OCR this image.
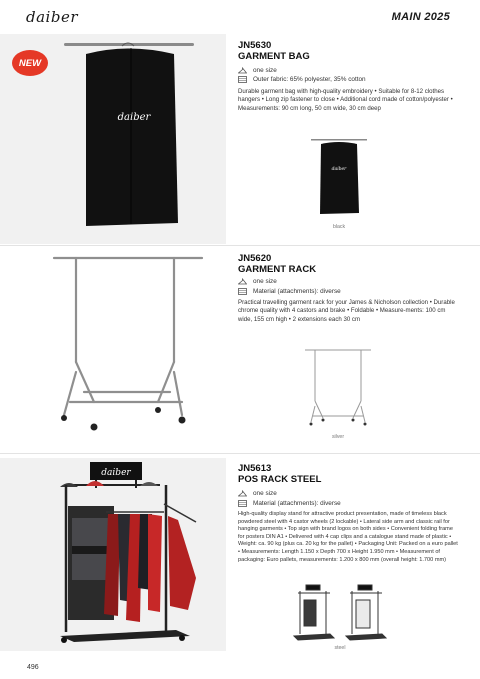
daiber	MAIN 2025
NEW
daiber
JN5630
GARMENT BAG
one size
Outer fabric: 65% polyester, 35% cotton
Durable garment bag with high-quality embroidery • Suitable for 8-12 clothes hangers • Long zip fastener to close • Additional cord made of cotton/polyester • Measurements: 90 cm long, 50 cm wide, 30 cm deep
daiber
black
JN5620
GARMENT RACK
one size
Material (attachments): diverse
Practical travelling garment rack for your James & Nicholson collection • Durable chrome quality with 4 castors and brake • Foldable • Measure-ments: 100 cm wide, 155 cm high • 2 extensions each 30 cm
silver
daiber	JN5613
POS RACK STEEL
one size
Material (attachments): diverse
High-quality display stand for attractive product presentation, made of timeless black powdered steel with 4 castor wheels (2 lockable) • Lateral side arm and classic rail for hanging garments • Top sign with brand logos on both sides • Convenient folding frame for posters DIN A1 • Delivered with 4 cap clips and a catalogue stand made of plastic • Weight: ca. 90 kg (plus ca. 20 kg for the pallet) • Packaging Unit: Packed on a euro pallet • Measurements: Length 1.150 x Depth 700 x Height 1.950 mm • Measurement of packaging: Euro pallets, measurements: 1.200 x 800 mm (overall height: 1.700 mm)
steel
496
